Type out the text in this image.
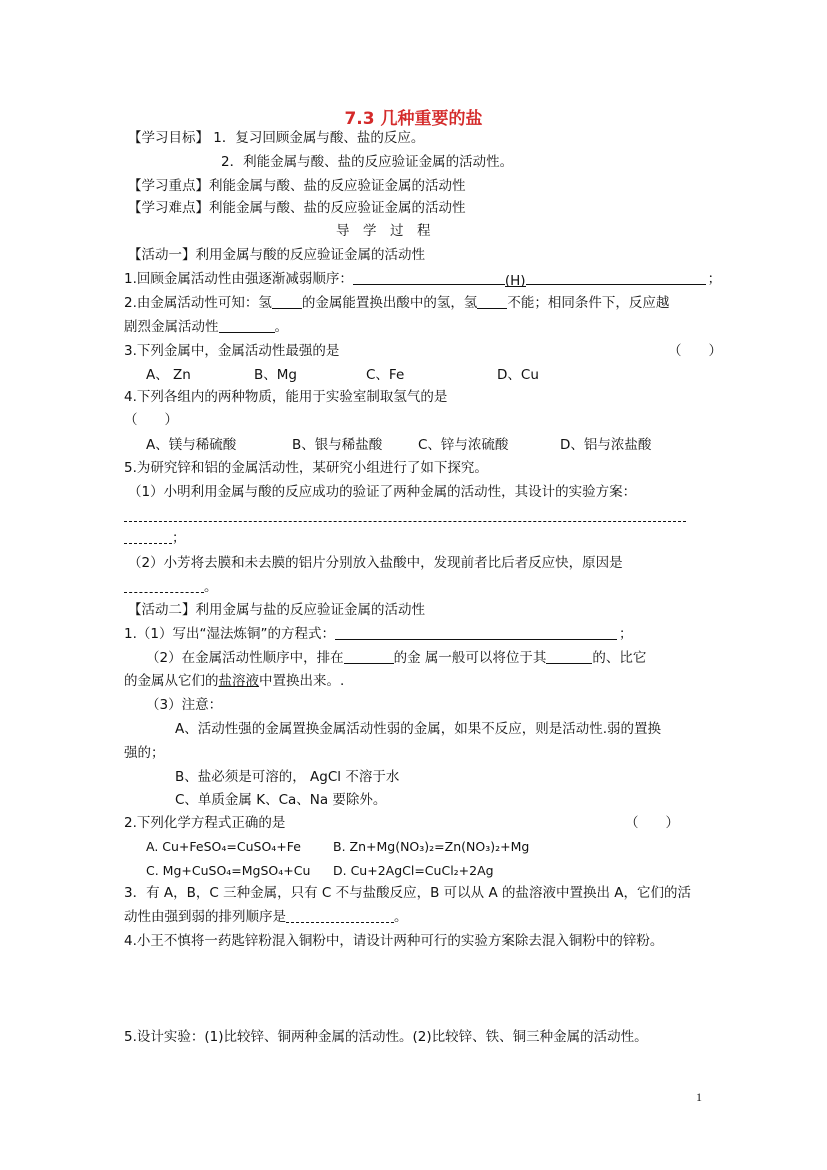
7.3 几种重要的盐
【学习目标】 1．复习回顾金属与酸、盐的反应。
2．利能金属与酸、盐的反应验证金属的活动性。
【学习重点】利能金属与酸、盐的反应验证金属的活动性
【学习难点】利能金属与酸、盐的反应验证金属的活动性
导　学　过　程
【活动一】利用金属与酸的反应验证金属的活动性
1.回顾金属活动性由强逐渐减弱顺序：	(H)	；
2.由金属活动性可知：氢 的金属能置换出酸中的氢，氢 不能；相同条件下，反应越
剧烈金属活动性	。
3.下列金属中，金属活动性最强的是	（　　）
A、 Zn	B、Mg	C、Fe	D、Cu
4.下列各组内的两种物质，能用于实验室制取氢气的是
（　　）
A、镁与稀硫酸	B、银与稀盐酸	C、锌与浓硫酸	D、铝与浓盐酸
5.为研究锌和铝的金属活动性，某研究小组进行了如下探究。
（1）小明利用金属与酸的反应成功的验证了两种金属的活动性，其设计的实验方案：
；
（2）小芳将去膜和未去膜的铝片分别放入盐酸中，发现前者比后者反应快，原因是
。
【活动二】利用金属与盐的反应验证金属的活动性
1.（1）写出“湿法炼铜”的方程式：	；
（2）在金属活动性顺序中，排在	的金 属一般可以将位于其	的、比它
的金属从它们的盐溶液中置换出来。.
（3）注意：
A、活动性强的金属置换金属活动性弱的金属，如果不反应，则是活动性.弱的置换
强的；
B、盐必须是可溶的， AgCl 不溶于水
C、单质金属 K、Ca、Na 要除外。
2.下列化学方程式正确的是	（　　）
A. Cu+FeSO₄=CuSO₄+Fe	B. Zn+Mg(NO₃)₂=Zn(NO₃)₂+Mg
C. Mg+CuSO₄=MgSO₄+Cu D. Cu+2AgCl=CuCl₂+2Ag
3．有 A，B，C 三种金属，只有 C 不与盐酸反应，B 可以从 A 的盐溶液中置换出 A，它们的活
动性由强到弱的排列顺序是	。
4.小王不慎将一药匙锌粉混入铜粉中，请设计两种可行的实验方案除去混入铜粉中的锌粉。
5.设计实验：(1)比较锌、铜两种金属的活动性。(2)比较锌、铁、铜三种金属的活动性。
1
